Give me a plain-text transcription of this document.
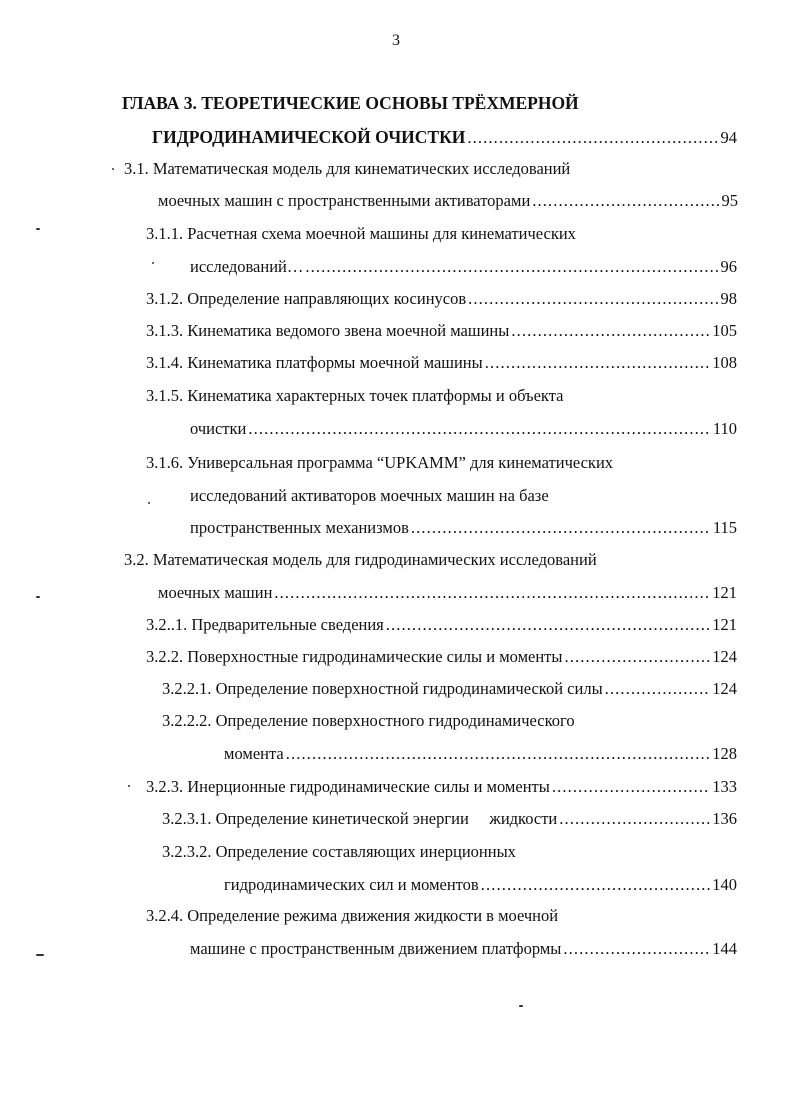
3
ГЛАВА 3. ТЕОРЕТИЧЕСКИЕ ОСНОВЫ ТРЁХМЕРНОЙ
ГИДРОДИНАМИЧЕСКОЙ ОЧИСТКИ . . .	94
3.1. Математическая модель для кинематических исследований
моечных машин с пространственными активаторами . . .	95
3.1.1. Расчетная схема моечной машины для кинематических
исследований… . . .	96
3.1.2. Определение направляющих косинусов . . .	98
3.1.3. Кинематика ведомого звена моечной машины . . .	105
3.1.4. Кинематика платформы моечной машины . . .	108
3.1.5. Кинематика характерных точек платформы и объекта
очистки . . .	110
3.1.6. Универсальная программа “UPKAMM” для кинематических
исследований активаторов моечных машин на базе
пространственных механизмов . . .	115
3.2. Математическая модель для гидродинамических исследований
моечных машин . . .	121
3.2..1. Предварительные сведения . . .	121
3.2.2. Поверхностные гидродинамические силы и моменты . . .	124
3.2.2.1. Определение поверхностной гидродинамической силы . . .	124
3.2.2.2. Определение поверхностного гидродинамического
момента . . .	128
3.2.3. Инерционные гидродинамические силы и моменты . . .	133
3.2.3.1. Определение кинетической энергии     жидкости . . .	136
3.2.3.2. Определение составляющих инерционных
гидродинамических сил и моментов . . .	140
3.2.4. Определение режима движения жидкости в моечной
машине с пространственным движением платформы . . .	144
